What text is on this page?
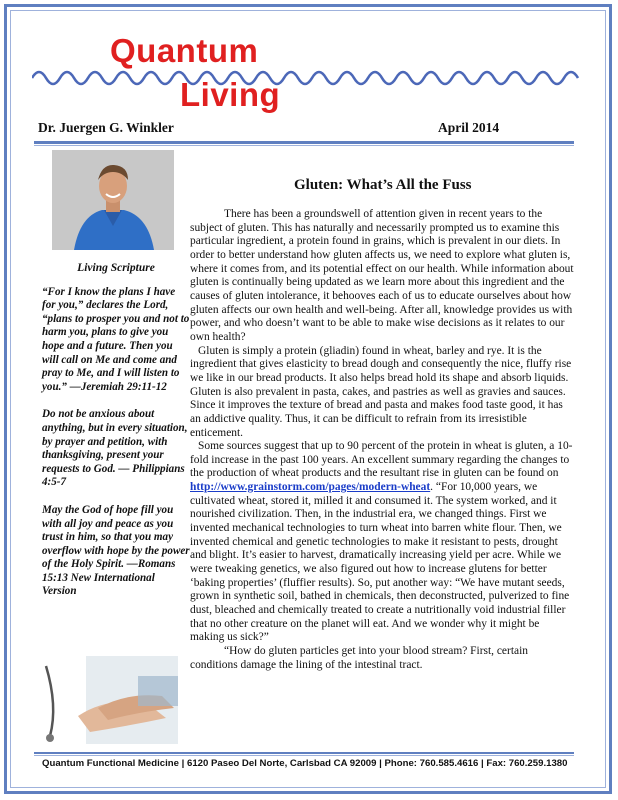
Quantum
Living
Dr. Juergen G. Winkler	April 2014

Living Scripture

“For I know the plans I have for you,” declares the Lord, “plans to prosper you and not to harm you, plans to give you hope and a future. Then you will call on Me and come and pray to Me, and I will listen to you.” —Jeremiah 29:11-12

Do not be anxious about anything, but in every situation, by prayer and petition, with thanksgiving, present your requests to God. — Philippians 4:5-7

May the God of hope fill you with all joy and peace as you trust in him, so that you may overflow with hope by the power of the Holy Spirit. —Romans 15:13 New International Version

Gluten: What’s All the Fuss

There has been a groundswell of attention given in recent years to the subject of gluten. This has naturally and necessarily prompted us to examine this particular ingredient, a protein found in grains, which is prevalent in our diets. In order to better understand how gluten affects us, we need to explore what gluten is, where it comes from, and its potential effect on our health. While information about gluten is continually being updated as we learn more about this ingredient and the causes of gluten intolerance, it behooves each of us to educate ourselves about how gluten affects our own health and well-being. After all, knowledge provides us with power, and who doesn’t want to be able to make wise decisions as it relates to our own health?

Gluten is simply a protein (gliadin) found in wheat, barley and rye. It is the ingredient that gives elasticity to bread dough and consequently the nice, fluffy rise we like in our bread products. It also helps bread hold its shape and absorb liquids. Gluten is also prevalent in pasta, cakes, and pastries as well as gravies and sauces. Since it improves the texture of bread and pasta and makes food taste good, it has an addictive quality. Thus, it can be difficult to refrain from its irresistible enticement.

Some sources suggest that up to 90 percent of the protein in wheat is gluten, a 10-fold increase in the past 100 years. An excellent summary regarding the changes to the production of wheat products and the resultant rise in gluten can be found on http://www.grainstorm.com/pages/modern-wheat. “For 10,000 years, we cultivated wheat, stored it, milled it and consumed it. The system worked, and it nourished civilization. Then, in the industrial era, we changed things. First we invented mechanical technologies to turn wheat into barren white flour. Then, we invented chemical and genetic technologies to make it resistant to pests, drought and blight. It’s easier to harvest, dramatically increasing yield per acre. While we were tweaking genetics, we also figured out how to increase glutens for better ‘baking properties’ (fluffier results). So, put another way: “We have mutant seeds, grown in synthetic soil, bathed in chemicals, then deconstructed, pulverized to fine dust, bleached and chemically treated to create a nutritionally void industrial filler that no other creature on the planet will eat. And we wonder why it might be making us sick?”

“How do gluten particles get into your blood stream? First, certain conditions damage the lining of the intestinal tract.

Quantum Functional Medicine | 6120 Paseo Del Norte, Carlsbad CA 92009 | Phone: 760.585.4616 | Fax: 760.259.1380
